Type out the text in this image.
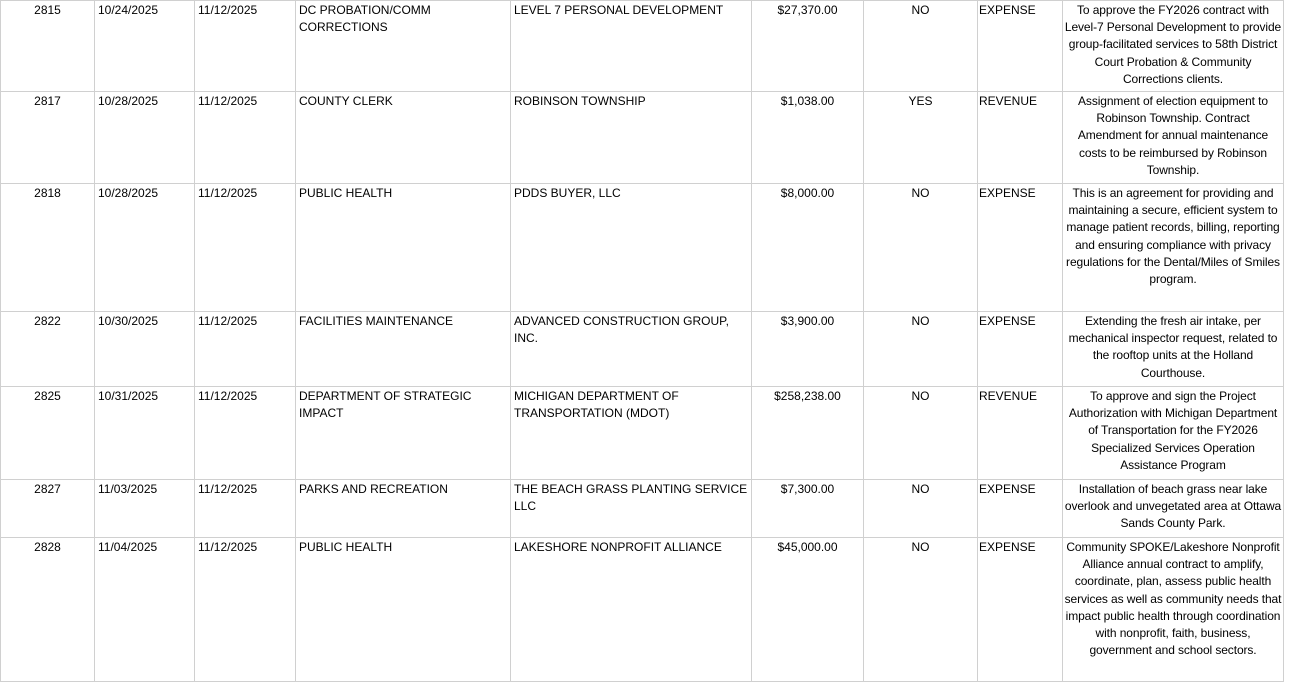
2815	10/24/2025	11/12/2025	DC PROBATION/COMM CORRECTIONS	LEVEL 7 PERSONAL DEVELOPMENT	$27,370.00	NO	EXPENSE	To approve the FY2026 contract with Level-7 Personal Development to provide group-facilitated services to 58th District Court Probation & Community Corrections clients.
2817	10/28/2025	11/12/2025	COUNTY CLERK	ROBINSON TOWNSHIP	$1,038.00	YES	REVENUE	Assignment of election equipment to Robinson Township. Contract Amendment for annual maintenance costs to be reimbursed by Robinson Township.
2818	10/28/2025	11/12/2025	PUBLIC HEALTH	PDDS BUYER, LLC	$8,000.00	NO	EXPENSE	This is an agreement for providing and maintaining a secure, efficient system to manage patient records, billing, reporting and ensuring compliance with privacy regulations for the Dental/Miles of Smiles program.
2822	10/30/2025	11/12/2025	FACILITIES MAINTENANCE	ADVANCED CONSTRUCTION GROUP, INC.	$3,900.00	NO	EXPENSE	Extending the fresh air intake, per mechanical inspector request, related to the rooftop units at the Holland Courthouse.
2825	10/31/2025	11/12/2025	DEPARTMENT OF STRATEGIC IMPACT	MICHIGAN DEPARTMENT OF TRANSPORTATION (MDOT)	$258,238.00	NO	REVENUE	To approve and sign the Project Authorization with Michigan Department of Transportation for the FY2026 Specialized Services Operation Assistance Program
2827	11/03/2025	11/12/2025	PARKS AND RECREATION	THE BEACH GRASS PLANTING SERVICE LLC	$7,300.00	NO	EXPENSE	Installation of beach grass near lake overlook and unvegetated area at Ottawa Sands County Park.
2828	11/04/2025	11/12/2025	PUBLIC HEALTH	LAKESHORE NONPROFIT ALLIANCE	$45,000.00	NO	EXPENSE	Community SPOKE/Lakeshore Nonprofit Alliance annual contract to amplify, coordinate, plan, assess public health services as well as community needs that impact public health through coordination with nonprofit, faith, business, government and school sectors.
